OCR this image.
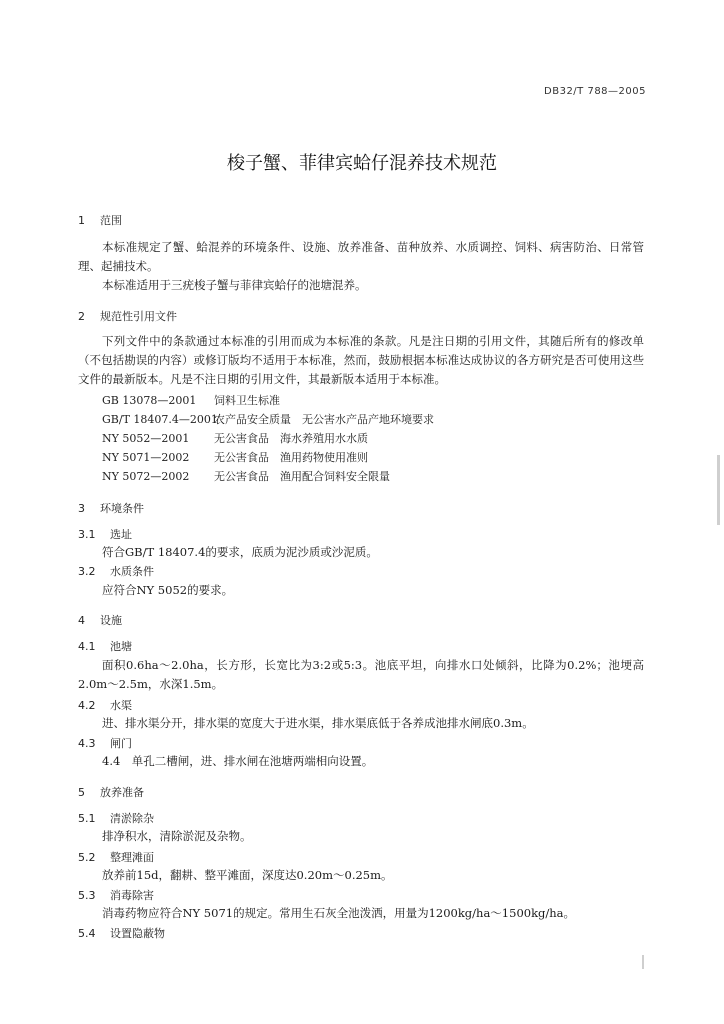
DB32/T 788—2005
梭子蟹、菲律宾蛤仔混养技术规范
1 范围
本标准规定了蟹、蛤混养的环境条件、设施、放养准备、苗种放养、水质调控、饲料、病害防治、日常管理、起捕技术。
本标准适用于三疣梭子蟹与菲律宾蛤仔的池塘混养。
2 规范性引用文件
下列文件中的条款通过本标准的引用而成为本标准的条款。凡是注日期的引用文件，其随后所有的修改单（不包括勘误的内容）或修订版均不适用于本标准，然而，鼓励根据本标准达成协议的各方研究是否可使用这些文件的最新版本。凡是不注日期的引用文件，其最新版本适用于本标准。
GB 13078—2001 饲料卫生标准
GB/T 18407.4—2001农产品安全质量　无公害水产品产地环境要求
NY 5052—2001 无公害食品　海水养殖用水水质
NY 5071—2002 无公害食品　渔用药物使用准则
NY 5072—2002 无公害食品　渔用配合饲料安全限量
3 环境条件
3.1 选址
符合GB/T 18407.4的要求，底质为泥沙质或沙泥质。
3.2 水质条件
应符合NY 5052的要求。
4 设施
4.1 池塘
面积0.6ha～2.0ha，长方形，长宽比为3:2或5:3。池底平坦，向排水口处倾斜，比降为0.2%；池埂高2.0m～2.5m，水深1.5m。
4.2 水渠
进、排水渠分开，排水渠的宽度大于进水渠，排水渠底低于各养成池排水闸底0.3m。
4.3 闸门
4.4　单孔二槽闸，进、排水闸在池塘两端相向设置。
5 放养准备
5.1 清淤除杂
排净积水，清除淤泥及杂物。
5.2 整理滩面
放养前15d，翻耕、整平滩面，深度达0.20m～0.25m。
5.3 消毒除害
消毒药物应符合NY 5071的规定。常用生石灰全池泼洒，用量为1200kg/ha～1500kg/ha。
5.4 设置隐蔽物
